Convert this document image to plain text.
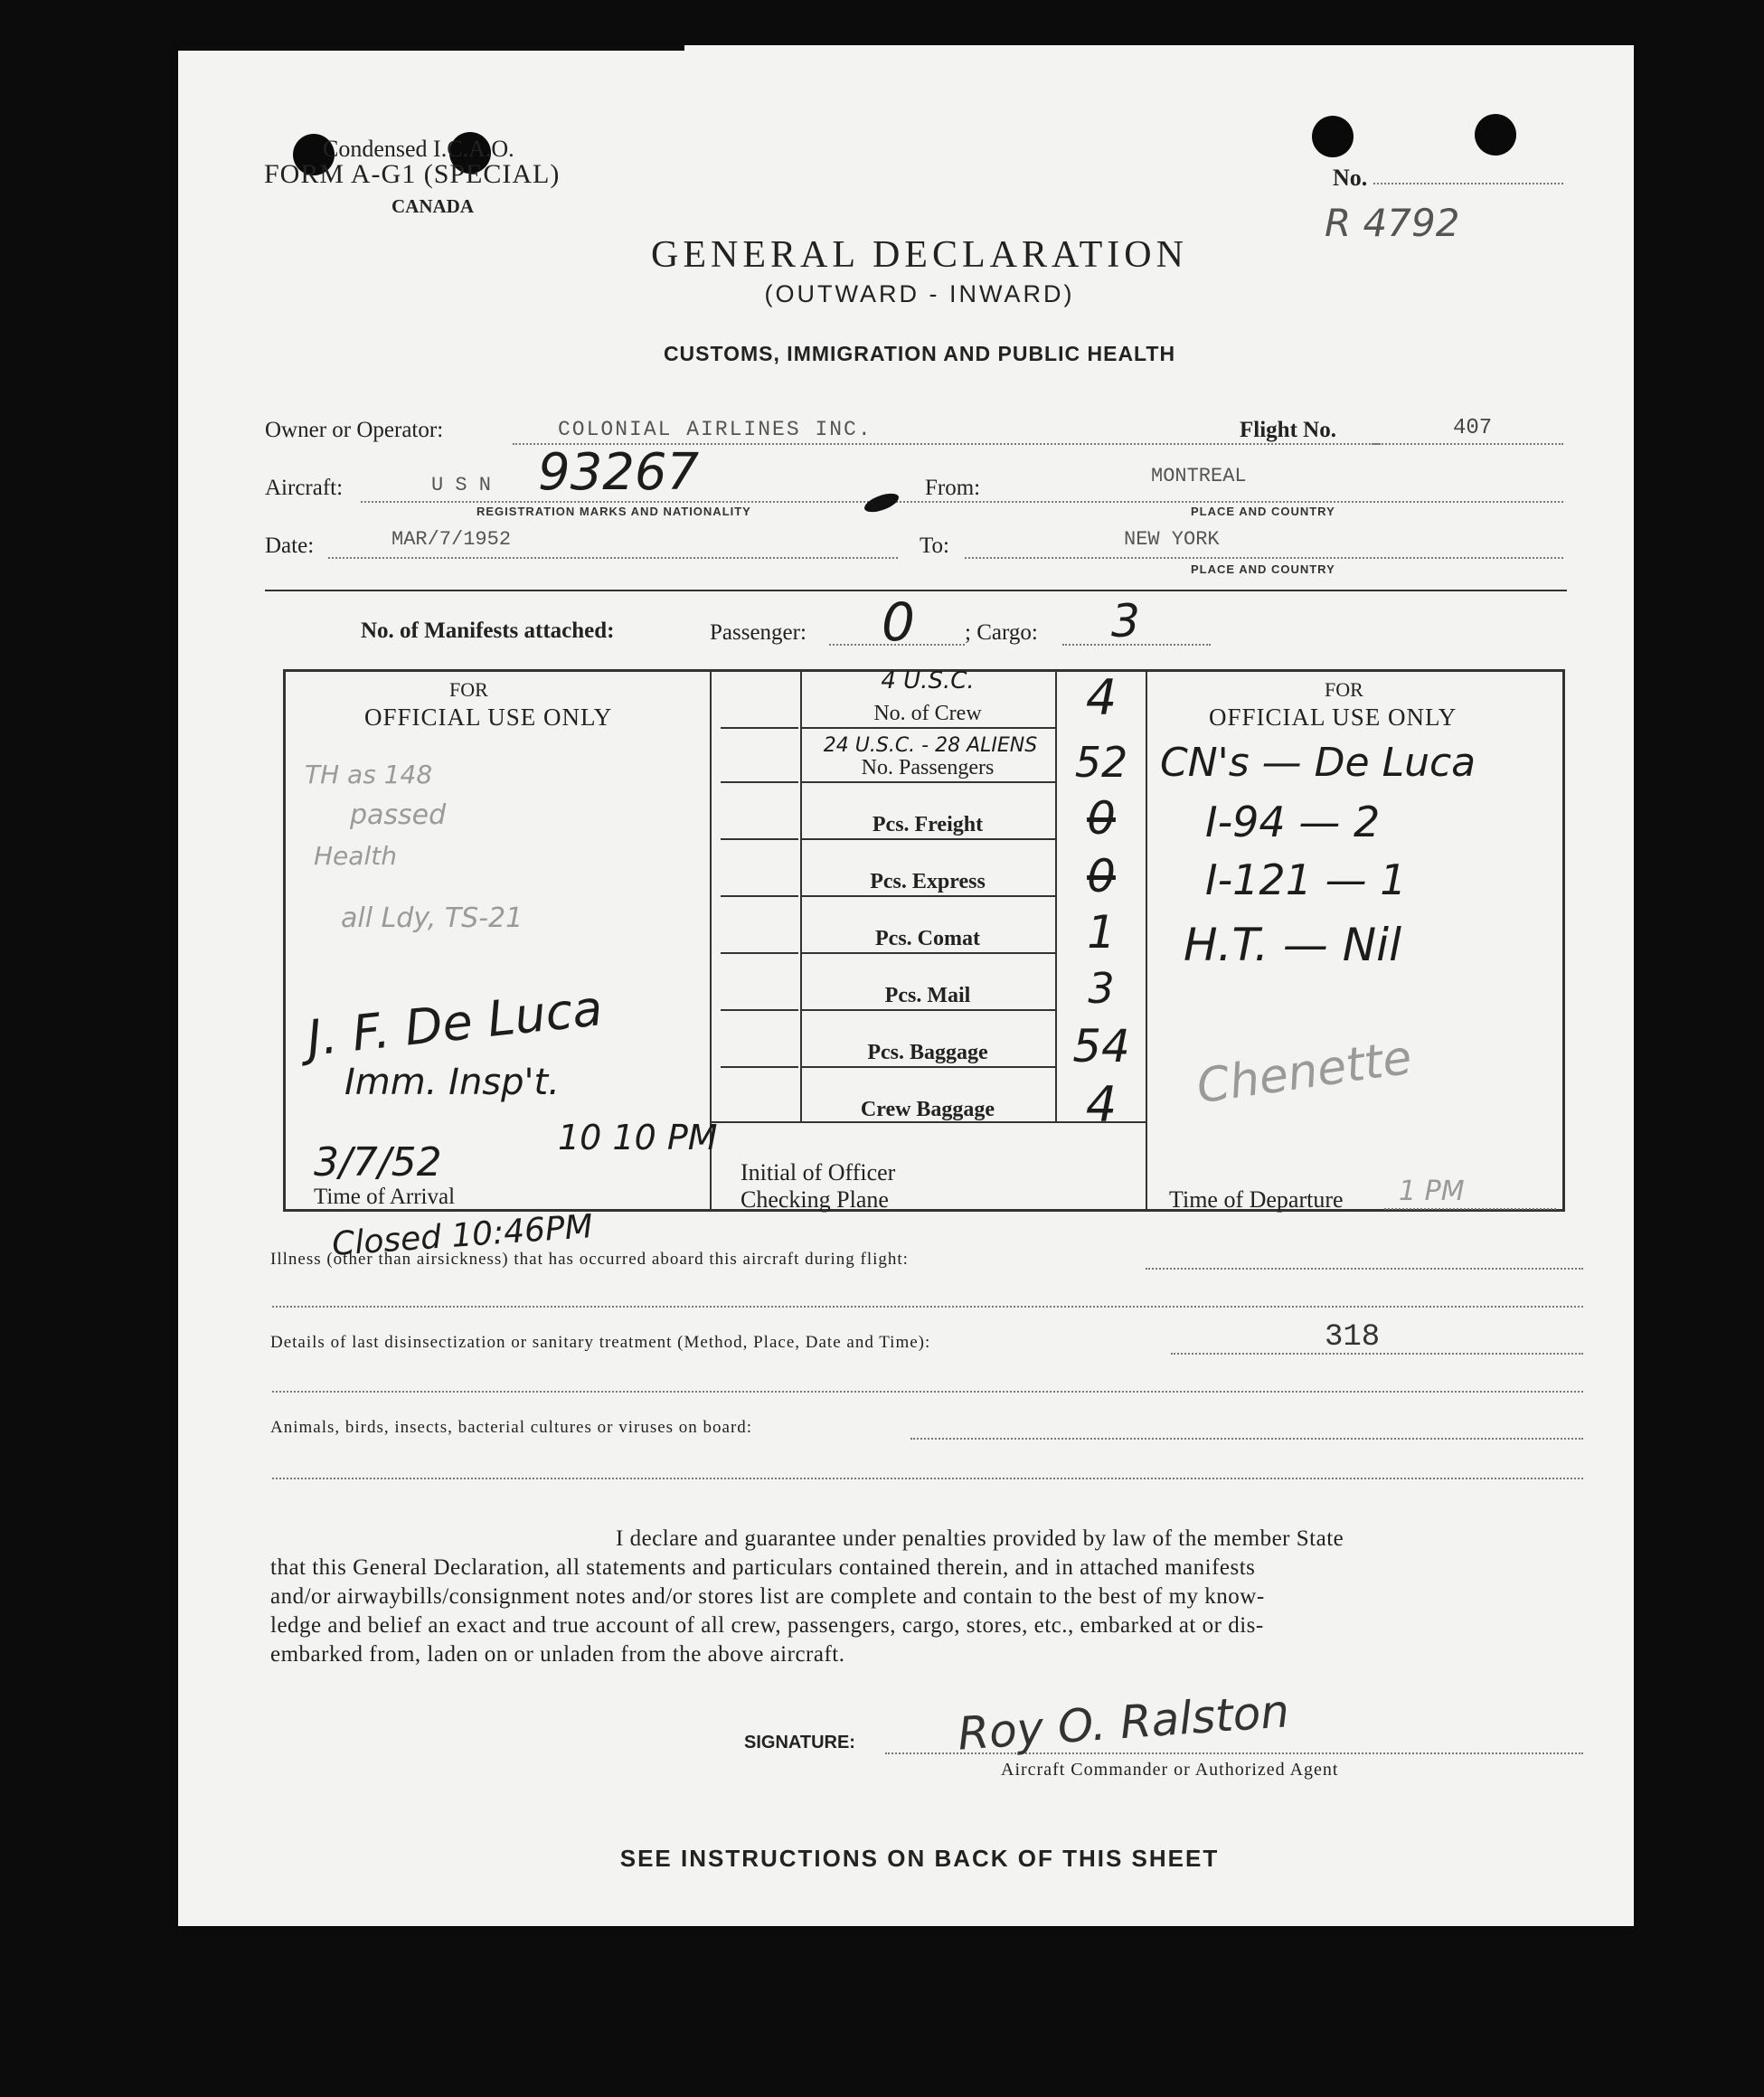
Condensed I.C.A.O.
FORM A-G1 (SPECIAL)
CANADA
No.
R 4792
GENERAL DECLARATION
(OUTWARD - INWARD)
CUSTOMS, IMMIGRATION AND PUBLIC HEALTH
Owner or Operator:	COLONIAL AIRLINES INC.	Flight No.	407
Aircraft:	U S N 93267
REGISTRATION MARKS AND NATIONALITY
From:	MONTREAL
PLACE AND COUNTRY
Date:	MAR/7/1952	To:	NEW YORK
PLACE AND COUNTRY
No. of Manifests attached:	Passenger: 0 ; Cargo: 3
FOR
OFFICIAL USE ONLY
TH as 148
passed
Health
all Ldy, TS-21
J. F. De Luca
Imm. Insp't.
3/7/52
10 10 PM
Time of Arrival
Closed 10:46PM
4 U.S.C.
No. of Crew	4
24 U.S.C. - 28 ALIENS
No. Passengers	52
Pcs. Freight	0
Pcs. Express	0
Pcs. Comat	1
Pcs. Mail	3
Pcs. Baggage	54
Crew Baggage	4
Initial of Officer
Checking Plane
FOR
OFFICIAL USE ONLY
CN's — De Luca
I-94 — 2
I-121 — 1
H.T. — Nil
Chenette
Time of Departure 1 PM
Illness (other than airsickness) that has occurred aboard this aircraft during flight:
Details of last disinsectization or sanitary treatment (Method, Place, Date and Time):	318
Animals, birds, insects, bacterial cultures or viruses on board:
I declare and guarantee under penalties provided by law of the member State
that this General Declaration, all statements and particulars contained therein, and in attached manifests
and/or airwaybills/consignment notes and/or stores list are complete and contain to the best of my know-
ledge and belief an exact and true account of all crew, passengers, cargo, stores, etc., embarked at or dis-
embarked from, laden on or unladen from the above aircraft.
SIGNATURE: Roy O. Ralston
Aircraft Commander or Authorized Agent
SEE INSTRUCTIONS ON BACK OF THIS SHEET
